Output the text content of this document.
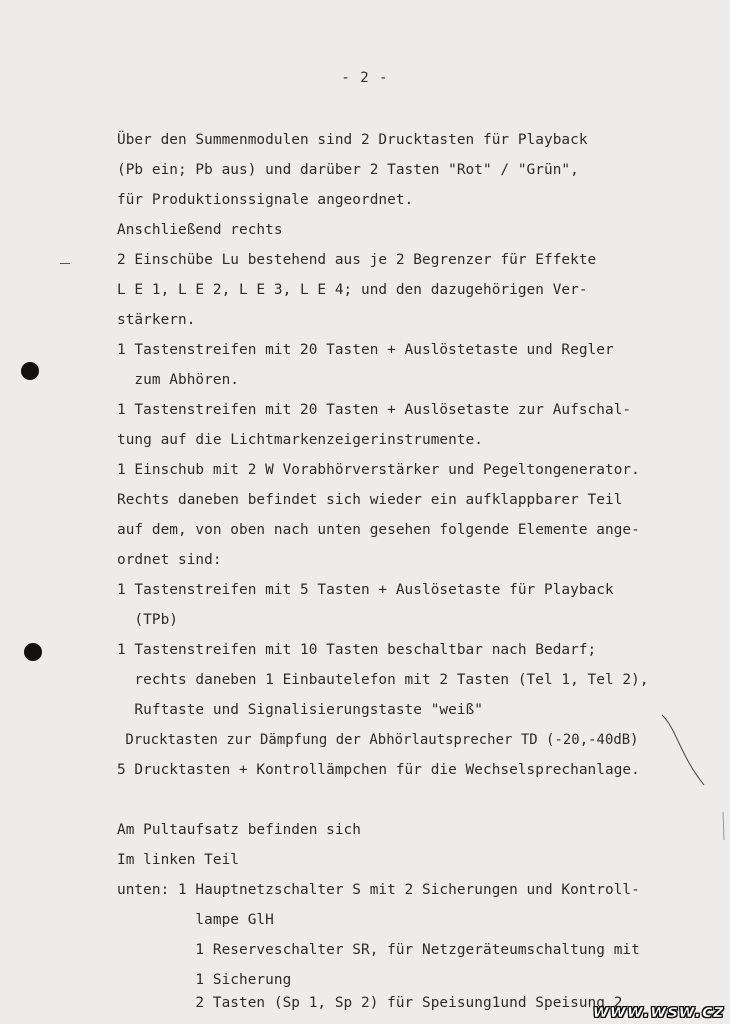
- 2 -
Über den Summenmodulen sind 2 Drucktasten für Playback
(Pb ein; Pb aus) und darüber 2 Tasten "Rot" / "Grün",
für Produktionssignale angeordnet.
Anschließend rechts
2 Einschübe Lu bestehend aus je 2 Begrenzer für Effekte
L E 1, L E 2, L E 3, L E 4; und den dazugehörigen Ver-
stärkern.
1 Tastenstreifen mit 20 Tasten + Auslöstetaste und Regler
zum Abhören.
1 Tastenstreifen mit 20 Tasten + Auslösetaste zur Aufschal-
tung auf die Lichtmarkenzeigerinstrumente.
1 Einschub mit 2 W Vorabhörverstärker und Pegeltongenerator.
Rechts daneben befindet sich wieder ein aufklappbarer Teil
auf dem, von oben nach unten gesehen folgende Elemente ange-
ordnet sind:
1 Tastenstreifen mit 5 Tasten + Auslösetaste für Playback
(TPb)
1 Tastenstreifen mit 10 Tasten beschaltbar nach Bedarf;
rechts daneben 1 Einbautelefon mit 2 Tasten (Tel 1, Tel 2),
Ruftaste und Signalisierungstaste "weiß"
Drucktasten zur Dämpfung der Abhörlautsprecher TD (-20,-40dB)
5 Drucktasten + Kontrollämpchen für die Wechselsprechanlage.
Am Pultaufsatz befinden sich
Im linken Teil
unten: 1 Hauptnetzschalter S mit 2 Sicherungen und Kontroll-
lampe GlH
1 Reserveschalter SR, für Netzgeräteumschaltung mit
1 Sicherung
2 Tasten (Sp 1, Sp 2) für Speisung1und Speisung 2
www.wsw.cz
